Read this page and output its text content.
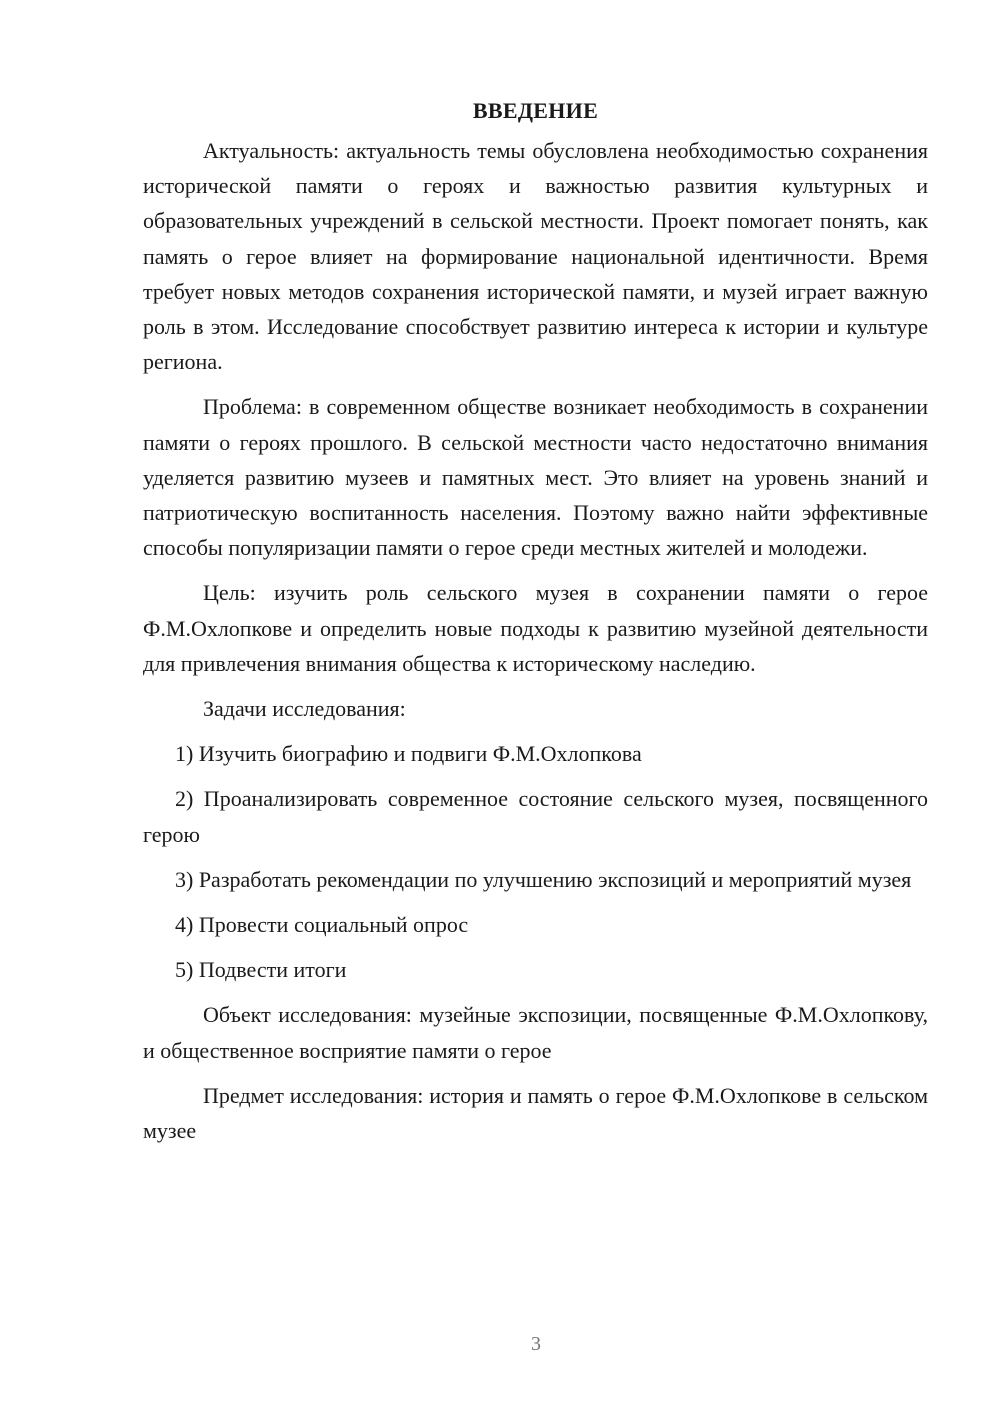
ВВЕДЕНИЕ

Актуальность: актуальность темы обусловлена необходимостью сохранения исторической памяти о героях и важностью развития культурных и образовательных учреждений в сельской местности. Проект помогает понять, как память о герое влияет на формирование национальной идентичности. Время требует новых методов сохранения исторической памяти, и музей играет важную роль в этом. Исследование способствует развитию интереса к истории и культуре региона.

Проблема: в современном обществе возникает необходимость в сохранении памяти о героях прошлого. В сельской местности часто недостаточно внимания уделяется развитию музеев и памятных мест. Это влияет на уровень знаний и патриотическую воспитанность населения. Поэтому важно найти эффективные способы популяризации памяти о герое среди местных жителей и молодежи.

Цель: изучить роль сельского музея в сохранении памяти о герое Ф.М.Охлопкове и определить новые подходы к развитию музейной деятельности для привлечения внимания общества к историческому наследию.

Задачи исследования:

1) Изучить биографию и подвиги Ф.М.Охлопкова

2) Проанализировать современное состояние сельского музея, посвященного герою

3) Разработать рекомендации по улучшению экспозиций и мероприятий музея

4) Провести социальный опрос

5) Подвести итоги

Объект исследования: музейные экспозиции, посвященные Ф.М.Охлопкову, и общественное восприятие памяти о герое

Предмет исследования: история и память о герое Ф.М.Охлопкове в сельском музее

3
